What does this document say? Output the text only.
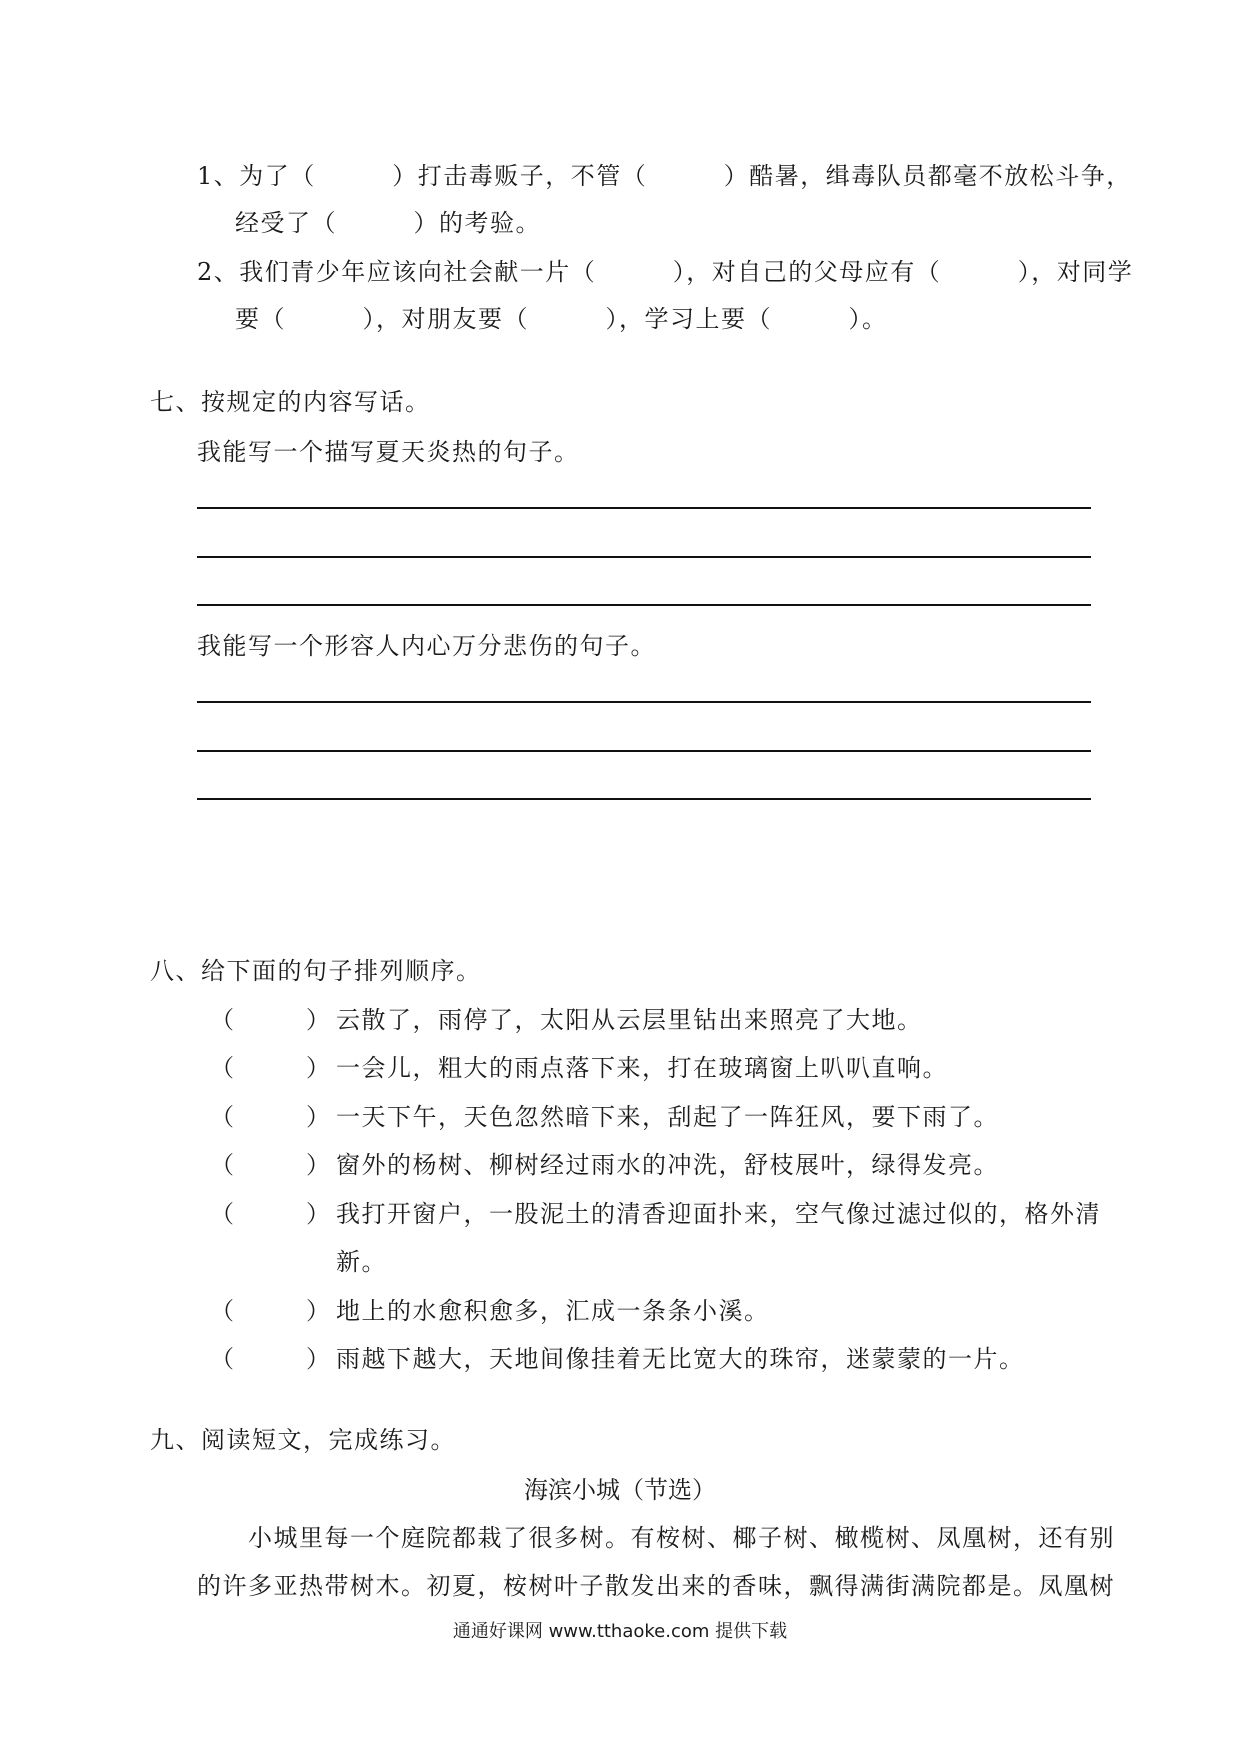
1、为了（　　　）打击毒贩子，不管（　　　）酷暑，缉毒队员都毫不放松斗争，
经受了（　　　）的考验。
2、我们青少年应该向社会献一片（　　　），对自己的父母应有（　　　），对同学
要（　　　），对朋友要（　　　），学习上要（　　　）。
七、按规定的内容写话。
我能写一个描写夏天炎热的句子。
我能写一个形容人内心万分悲伤的句子。
八、给下面的句子排列顺序。
（　　　） 云散了，雨停了，太阳从云层里钻出来照亮了大地。
（　　　） 一会儿，粗大的雨点落下来，打在玻璃窗上叭叭直响。
（　　　） 一天下午，天色忽然暗下来，刮起了一阵狂风，要下雨了。
（　　　） 窗外的杨树、柳树经过雨水的冲洗，舒枝展叶，绿得发亮。
（　　　） 我打开窗户，一股泥土的清香迎面扑来，空气像过滤过似的，格外清
新。
（　　　） 地上的水愈积愈多，汇成一条条小溪。
（　　　） 雨越下越大，天地间像挂着无比宽大的珠帘，迷蒙蒙的一片。
九、阅读短文，完成练习。
海滨小城（节选）
小城里每一个庭院都栽了很多树。有桉树、椰子树、橄榄树、凤凰树，还有别
的许多亚热带树木。初夏，桉树叶子散发出来的香味，飘得满街满院都是。凤凰树
通通好课网 www.tthaoke.com 提供下载
